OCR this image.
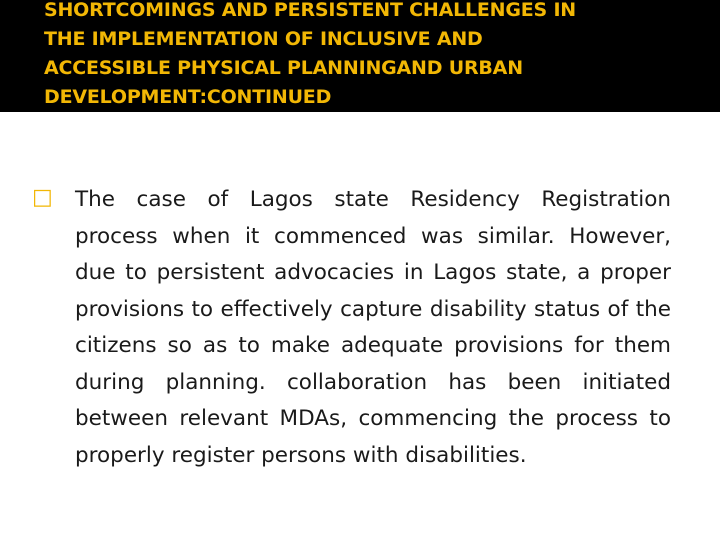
SHORTCOMINGS AND PERSISTENT CHALLENGES IN
THE IMPLEMENTATION OF INCLUSIVE AND
ACCESSIBLE PHYSICAL PLANNINGAND URBAN
DEVELOPMENT:CONTINUED
□	The case of Lagos state Residency Registration process when it commenced was similar. However, due to persistent advocacies in Lagos state, a proper provisions to effectively capture disability status of the citizens so as to make adequate provisions for them during planning. collaboration has been initiated between relevant MDAs, commencing the process to properly register persons with disabilities.
